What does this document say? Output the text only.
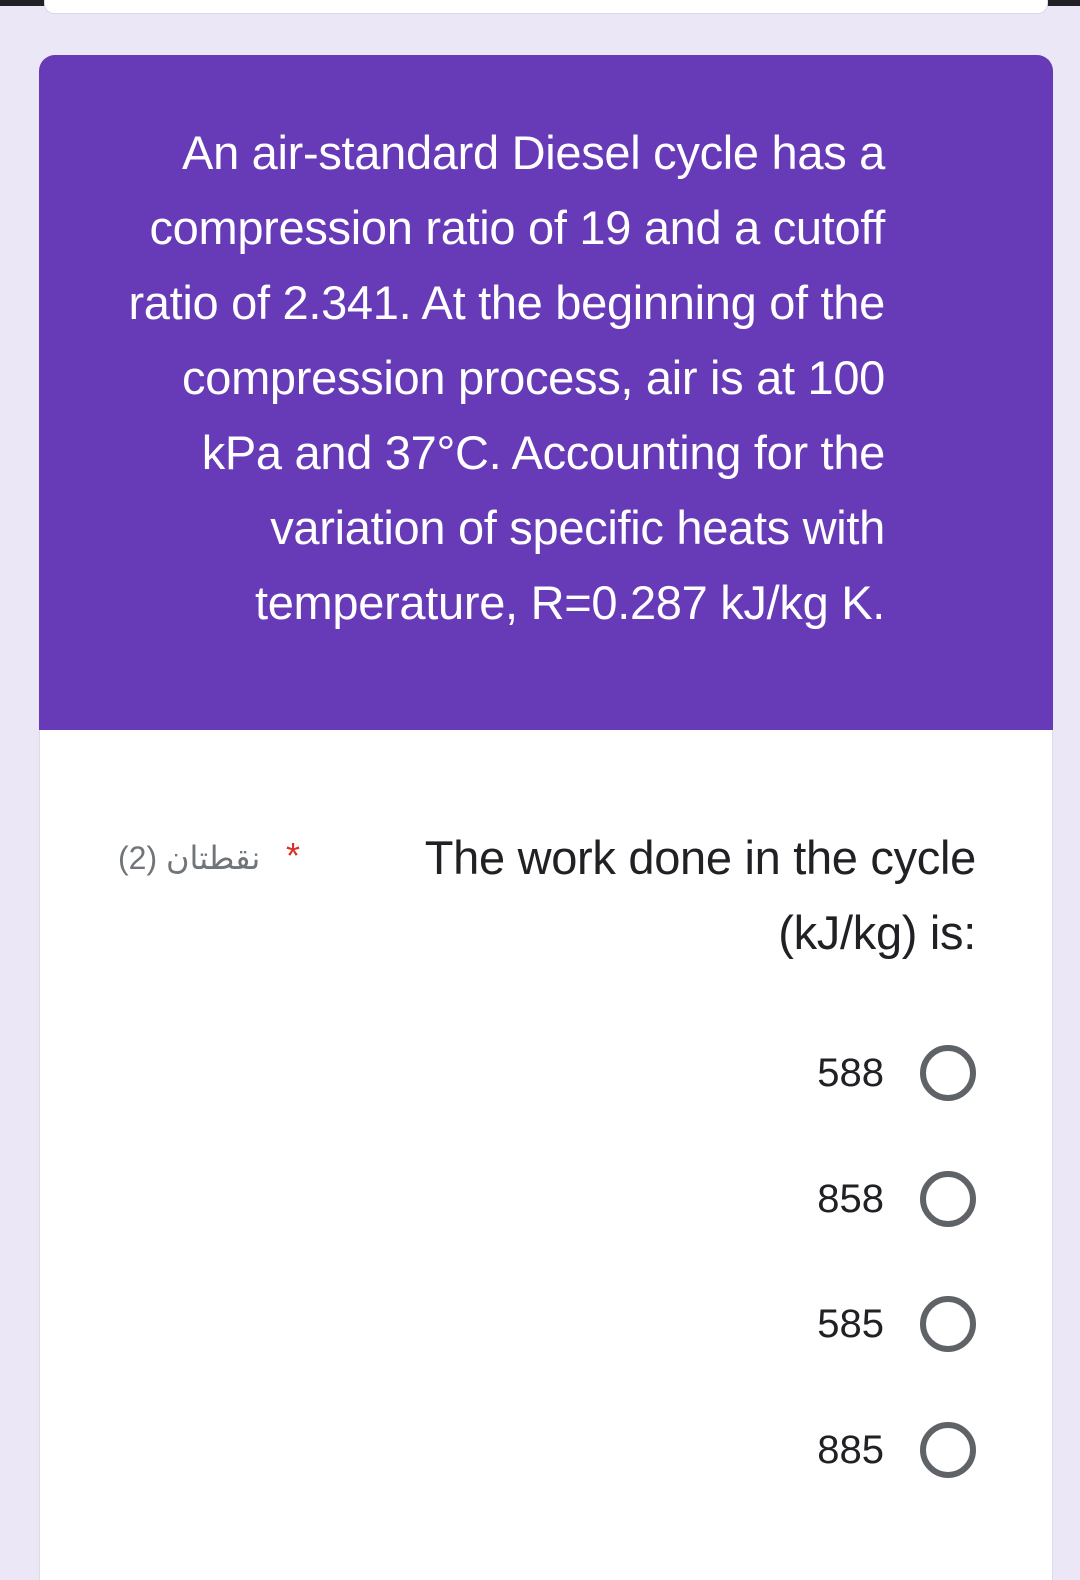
An air-standard Diesel cycle has a compression ratio of 19 and a cutoff ratio of 2.341. At the beginning of the compression process, air is at 100 kPa and 37°C. Accounting for the variation of specific heats with temperature, R=0.287 kJ/kg K.

نقطتان (2) *	The work done in the cycle (kJ/kg) is:

588
858
585
885
